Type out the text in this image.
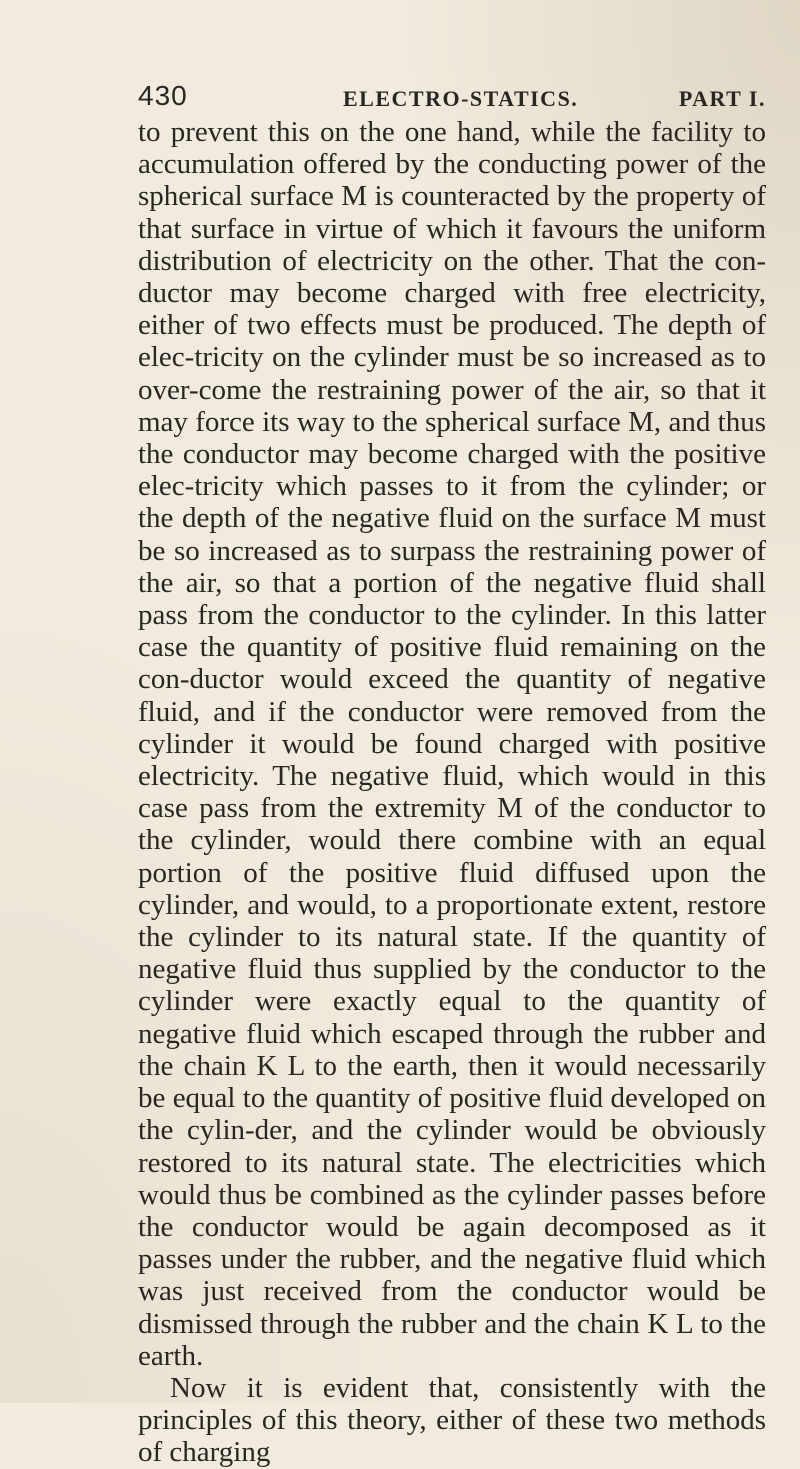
430	ELECTRO-STATICS.	PART I.

to prevent this on the one hand, while the facility to accumulation offered by the conducting power of the spherical surface M is counteracted by the property of that surface in virtue of which it favours the uniform distribution of electricity on the other. That the con-ductor may become charged with free electricity, either of two effects must be produced. The depth of elec-tricity on the cylinder must be so increased as to over-come the restraining power of the air, so that it may force its way to the spherical surface M, and thus the conductor may become charged with the positive elec-tricity which passes to it from the cylinder; or the depth of the negative fluid on the surface M must be so increased as to surpass the restraining power of the air, so that a portion of the negative fluid shall pass from the conductor to the cylinder. In this latter case the quantity of positive fluid remaining on the con-ductor would exceed the quantity of negative fluid, and if the conductor were removed from the cylinder it would be found charged with positive electricity. The negative fluid, which would in this case pass from the extremity M of the conductor to the cylinder, would there combine with an equal portion of the positive fluid diffused upon the cylinder, and would, to a proportionate extent, restore the cylinder to its natural state. If the quantity of negative fluid thus supplied by the conductor to the cylinder were exactly equal to the quantity of negative fluid which escaped through the rubber and the chain K L to the earth, then it would necessarily be equal to the quantity of positive fluid developed on the cylin-der, and the cylinder would be obviously restored to its natural state. The electricities which would thus be combined as the cylinder passes before the conductor would be again decomposed as it passes under the rubber, and the negative fluid which was just received from the conductor would be dismissed through the rubber and the chain K L to the earth.

Now it is evident that, consistently with the principles of this theory, either of these two methods of charging
